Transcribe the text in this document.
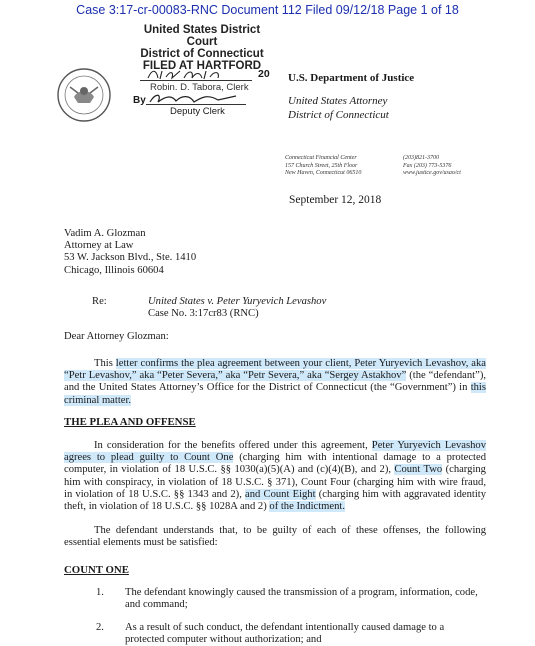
Case 3:17-cr-00083-RNC Document 112 Filed 09/12/18 Page 1 of 18
United States District Court
District of Connecticut
FILED AT HARTFORD
20
Robin. D. Tabora, Clerk
By
Deputy Clerk
U.S. Department of Justice
United States Attorney
District of Connecticut
Connecticut Financial Center
157 Church Street, 25th Floor
New Haven, Connecticut 06510
(203)821-3700
Fax (203) 773-5376
www.justice.gov/usao/ct
September 12, 2018
Vadim A. Glozman
Attorney at Law
53 W. Jackson Blvd., Ste. 1410
Chicago, Illinois 60604
Re:	United States v. Peter Yuryevich Levashov
Case No. 3:17cr83 (RNC)
Dear Attorney Glozman:
This letter confirms the plea agreement between your client, Peter Yuryevich Levashov, aka “Petr Levashov,” aka “Peter Severa,” aka “Petr Severa,” aka “Sergey Astakhov” (the “defendant”), and the United States Attorney’s Office for the District of Connecticut (the “Government”) in this criminal matter.
THE PLEA AND OFFENSE
In consideration for the benefits offered under this agreement, Peter Yuryevich Levashov agrees to plead guilty to Count One (charging him with intentional damage to a protected computer, in violation of 18 U.S.C. §§ 1030(a)(5)(A) and (c)(4)(B), and 2), Count Two (charging him with conspiracy, in violation of 18 U.S.C. § 371), Count Four (charging him with wire fraud, in violation of 18 U.S.C. §§ 1343 and 2), and Count Eight (charging him with aggravated identity theft, in violation of 18 U.S.C. §§ 1028A and 2) of the Indictment.
The defendant understands that, to be guilty of each of these offenses, the following essential elements must be satisfied:
COUNT ONE
1. The defendant knowingly caused the transmission of a program, information, code, and command;
2. As a result of such conduct, the defendant intentionally caused damage to a protected computer without authorization; and
